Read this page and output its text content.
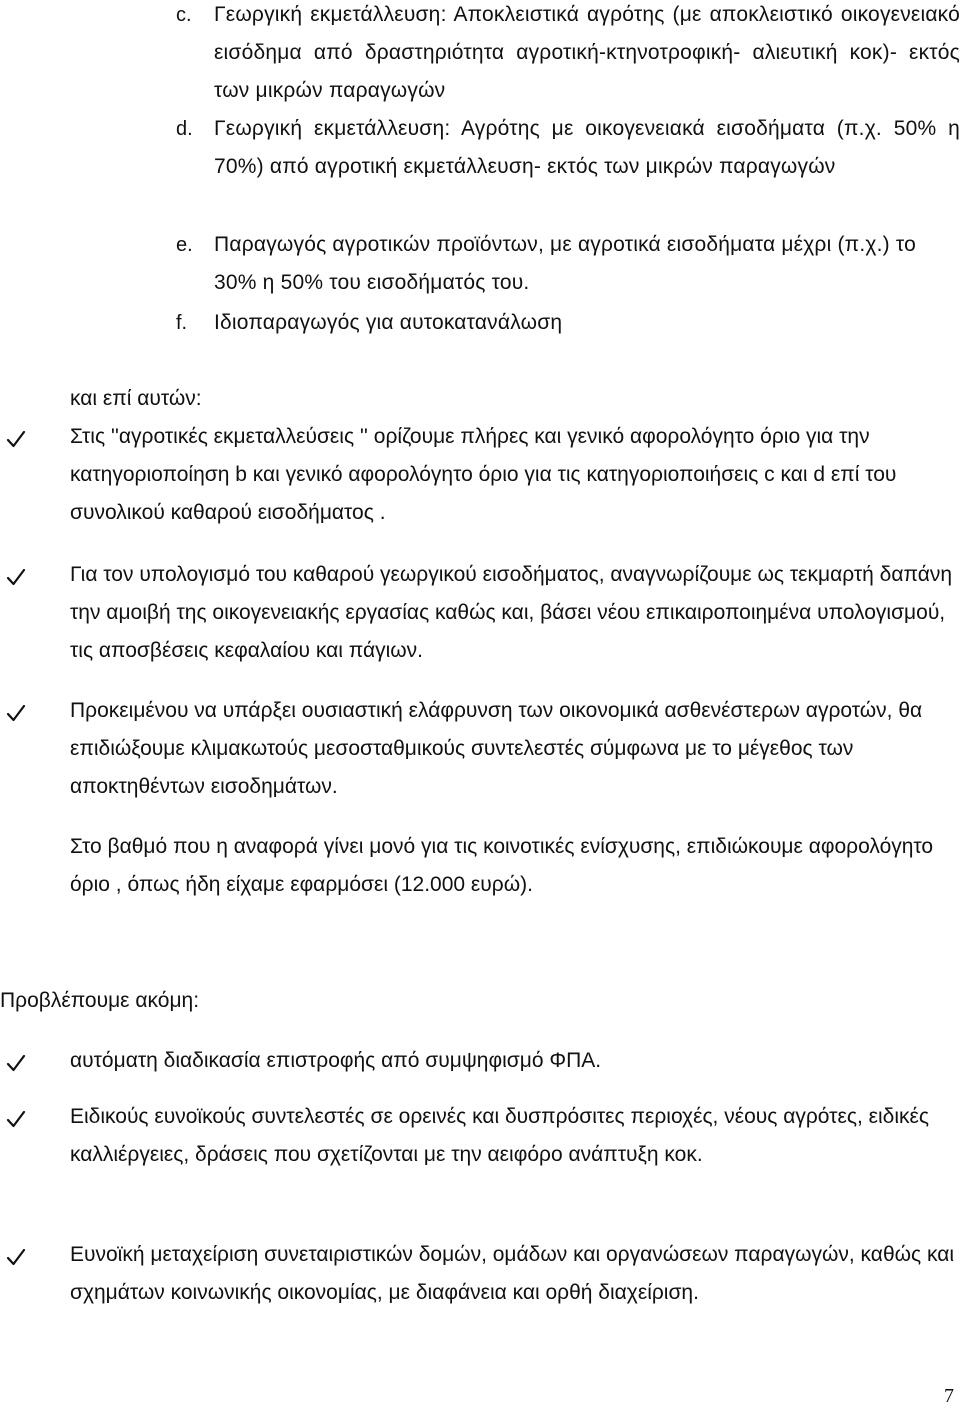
c. Γεωργική εκμετάλλευση: Αποκλειστικά αγρότης (με αποκλειστικό οικογενειακό εισόδημα από δραστηριότητα αγροτική-κτηνοτροφική- αλιευτική κοκ)- εκτός των μικρών παραγωγών
d. Γεωργική εκμετάλλευση: Αγρότης με οικογενειακά εισοδήματα (π.χ. 50% η 70%) από αγροτική εκμετάλλευση- εκτός των μικρών παραγωγών
e. Παραγωγός αγροτικών προϊόντων, με αγροτικά εισοδήματα μέχρι (π.χ.) το 30% η 50% του εισοδήματός του.
f. Ιδιοπαραγωγός για αυτοκατανάλωση
και επί αυτών:
Στις ''αγροτικές εκμεταλλεύσεις '' ορίζουμε πλήρες και γενικό αφορολόγητο όριο για την κατηγοριοποίηση b και γενικό αφορολόγητο όριο για τις κατηγοριοποιήσεις c και d επί του συνολικού καθαρού εισοδήματος .
Για τον υπολογισμό του καθαρού γεωργικού εισοδήματος, αναγνωρίζουμε ως τεκμαρτή δαπάνη την αμοιβή της οικογενειακής εργασίας καθώς και, βάσει νέου επικαιροποιημένα υπολογισμού, τις αποσβέσεις κεφαλαίου και πάγιων.
Προκειμένου να υπάρξει ουσιαστική ελάφρυνση των οικονομικά ασθενέστερων αγροτών, θα επιδιώξουμε κλιμακωτούς μεσοσταθμικούς συντελεστές σύμφωνα με το μέγεθος των αποκτηθέντων εισοδημάτων.
Στο βαθμό που η αναφορά γίνει μονό για τις κοινοτικές ενίσχυσης, επιδιώκουμε αφορολόγητο όριο , όπως ήδη είχαμε εφαρμόσει (12.000 ευρώ).
Προβλέπουμε ακόμη:
αυτόματη διαδικασία επιστροφής από συμψηφισμό ΦΠΑ.
Ειδικούς ευνοϊκούς συντελεστές σε ορεινές και δυσπρόσιτες περιοχές, νέους αγρότες, ειδικές καλλιέργειες, δράσεις που σχετίζονται με την αειφόρο ανάπτυξη κοκ.
Ευνοϊκή μεταχείριση συνεταιριστικών δομών, ομάδων και οργανώσεων παραγωγών, καθώς και σχημάτων κοινωνικής οικονομίας, με διαφάνεια και ορθή διαχείριση.
7
